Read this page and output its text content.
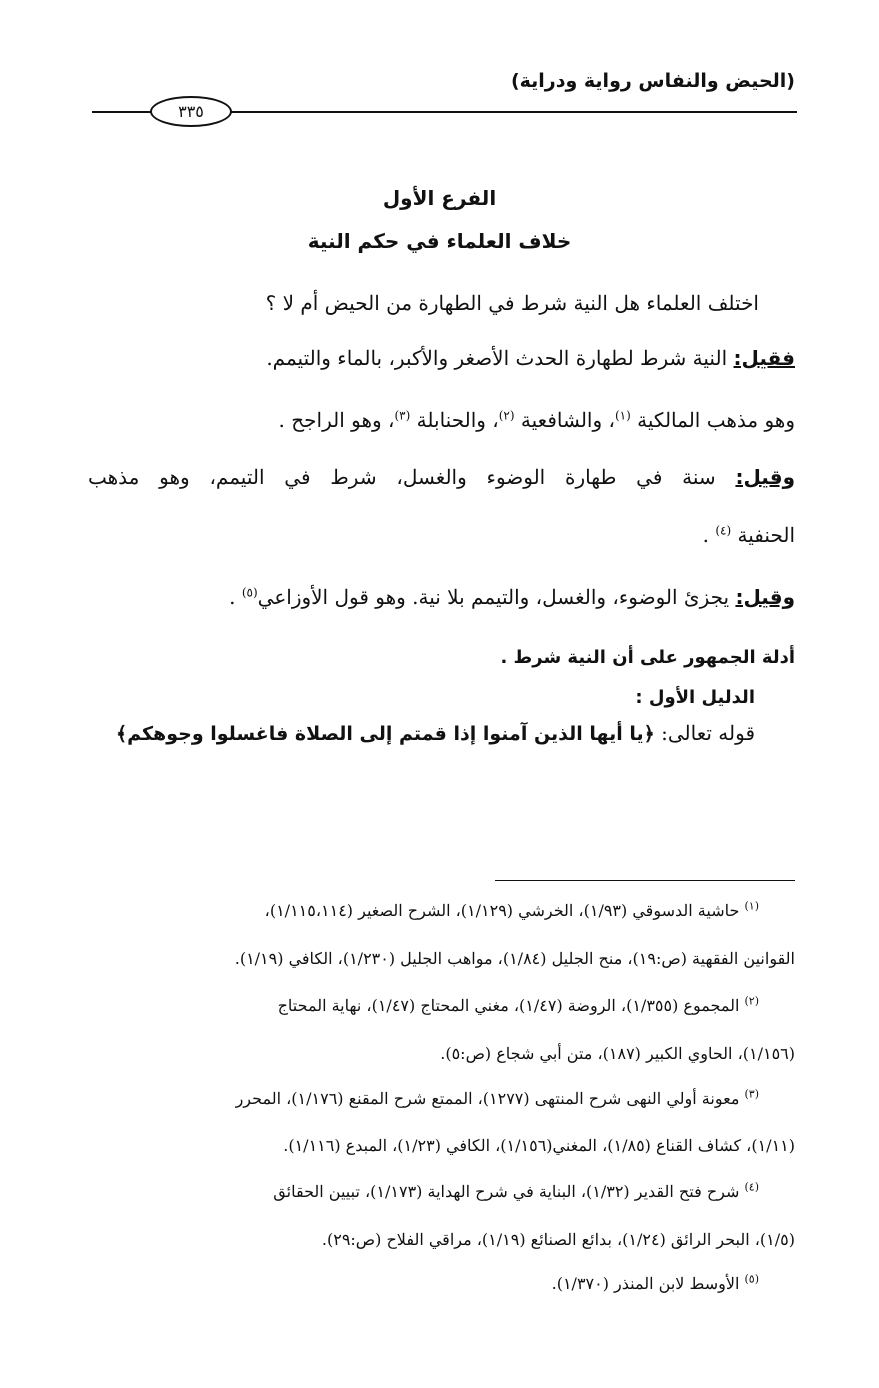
(الحيض والنفاس رواية ودراية)
٣٣٥
الفرع الأول
خلاف العلماء في حكم النية
اختلف العلماء هل النية شرط في الطهارة من الحيض أم لا ؟
فقيل: النية شرط لطهارة الحدث الأصغر والأكبر، بالماء والتيمم.
وهو مذهب المالكية $^{(١)}$، والشافعية $^{(٢)}$، والحنابلة $^{(٣)}$، وهو الراجح .
وقيل: سنة في طهارة الوضوء والغسل، شرط في التيمم، وهو مذهب
الحنفية $^{(٤)}$ .
وقيل: يجزئ الوضوء، والغسل، والتيمم بلا نية. وهو قول الأوزاعي$^{(٥)}$ .
أدلة الجمهور على أن النية شرط .
الدليل الأول :
قوله تعالى: ﴿يا أيها الذين آمنوا إذا قمتم إلى الصلاة فاغسلوا وجوهكم﴾
$^{(١)}$ حاشية الدسوقي (١/٩٣)، الخرشي (١/١٢٩)، الشرح الصغير (١/١١٥،١١٤)،
القوانين الفقهية (ص:١٩)، منح الجليل (١/٨٤)، مواهب الجليل (١/٢٣٠)، الكافي (١/١٩).
$^{(٢)}$ المجموع (١/٣٥٥)، الروضة (١/٤٧)، مغني المحتاج (١/٤٧)، نهاية المحتاج
(١/١٥٦)، الحاوي الكبير (١٨٧)، متن أبي شجاع (ص:٥).
$^{(٣)}$ معونة أولي النهى شرح المنتهى (١٢٧٧)، الممتع شرح المقنع (١/١٧٦)، المحرر
(١/١١)، كشاف القناع (١/٨٥)، المغني(١/١٥٦)، الكافي (١/٢٣)، المبدع (١/١١٦).
$^{(٤)}$ شرح فتح القدير (١/٣٢)، البناية في شرح الهداية (١/١٧٣)، تبيين الحقائق
(١/٥)، البحر الرائق (١/٢٤)، بدائع الصنائع (١/١٩)، مراقي الفلاح (ص:٢٩).
$^{(٥)}$ الأوسط لابن المنذر (١/٣٧٠).
